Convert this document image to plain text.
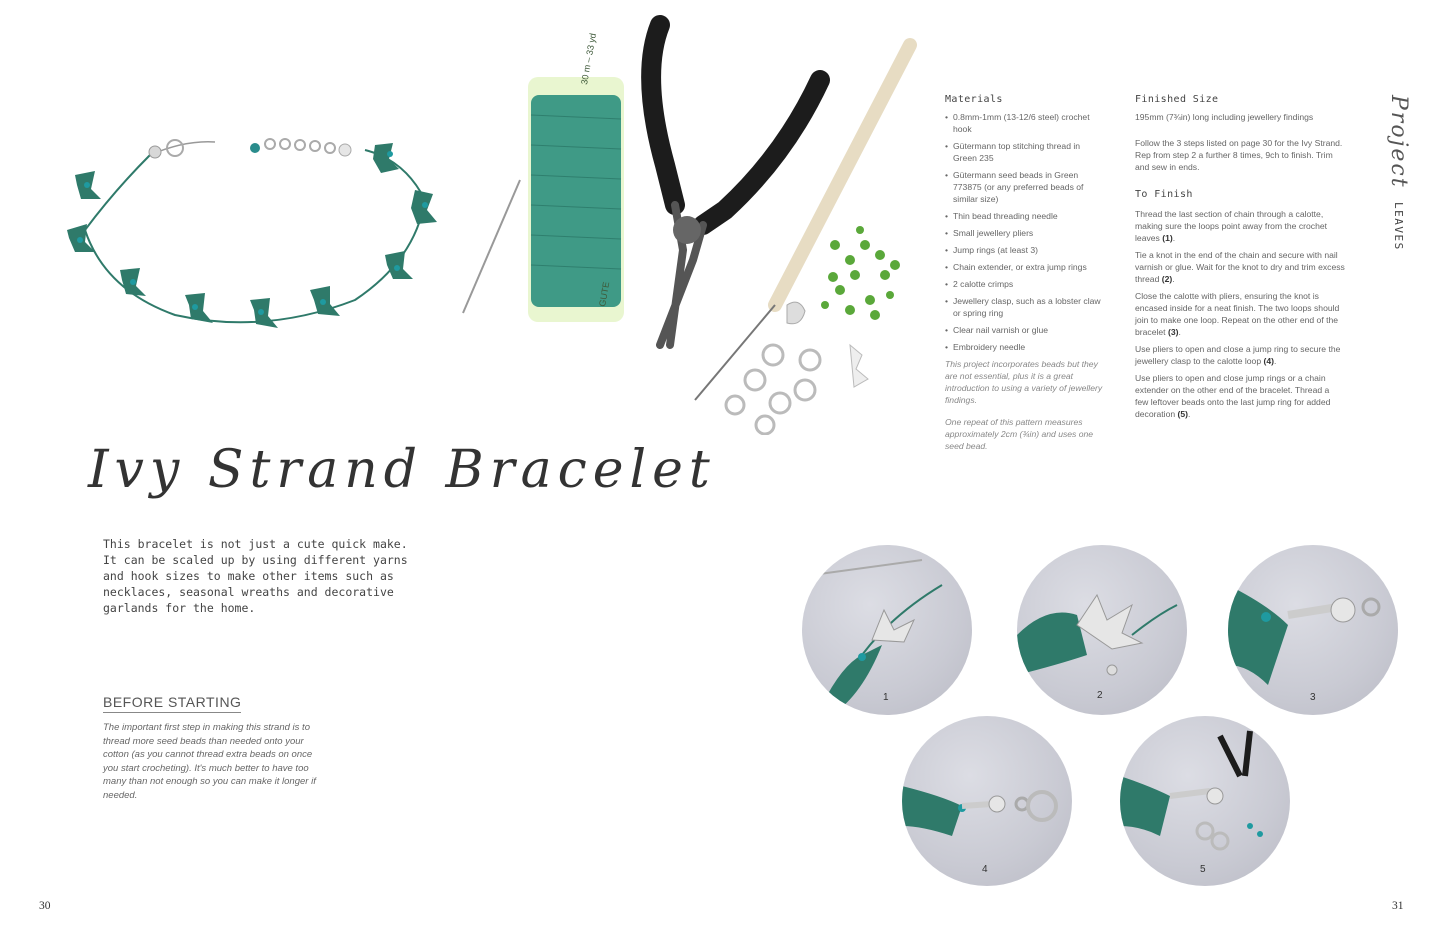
30 m – 33 yd
GUTE
Ivy Strand Bracelet
This bracelet is not just a cute quick make. It can be scaled up by using different yarns and hook sizes to make other items such as necklaces, seasonal wreaths and decorative garlands for the home.
BEFORE STARTING
The important first step in making this strand is to thread more seed beads than needed onto your cotton (as you cannot thread extra beads on once you start crocheting). It's much better to have too many than not enough so you can make it longer if needed.
30	31
Materials
• 0.8mm-1mm (13-12/6 steel) crochet hook
• Gütermann top stitching thread in Green 235
• Gütermann seed beads in Green 773875 (or any preferred beads of similar size)
• Thin bead threading needle
• Small jewellery pliers
• Jump rings (at least 3)
• Chain extender, or extra jump rings
• 2 calotte crimps
• Jewellery clasp, such as a lobster claw or spring ring
• Clear nail varnish or glue
• Embroidery needle
This project incorporates beads but they are not essential, plus it is a great introduction to using a variety of jewellery findings.
One repeat of this pattern measures approximately 2cm (¾in) and uses one seed bead.
Finished Size
195mm (7¾in) long including jewellery findings
Follow the 3 steps listed on page 30 for the Ivy Strand. Rep from step 2 a further 8 times, 9ch to finish. Trim and sew in ends.
To Finish
Thread the last section of chain through a calotte, making sure the loops point away from the crochet leaves (1).
Tie a knot in the end of the chain and secure with nail varnish or glue. Wait for the knot to dry and trim excess thread (2).
Close the calotte with pliers, ensuring the knot is encased inside for a neat finish. The two loops should join to make one loop. Repeat on the other end of the bracelet (3).
Use pliers to open and close a jump ring to secure the jewellery clasp to the calotte loop (4).
Use pliers to open and close jump rings or a chain extender on the other end of the bracelet. Thread a few leftover beads onto the last jump ring for added decoration (5).
Project
LEAVES
1	2	3
4	5
